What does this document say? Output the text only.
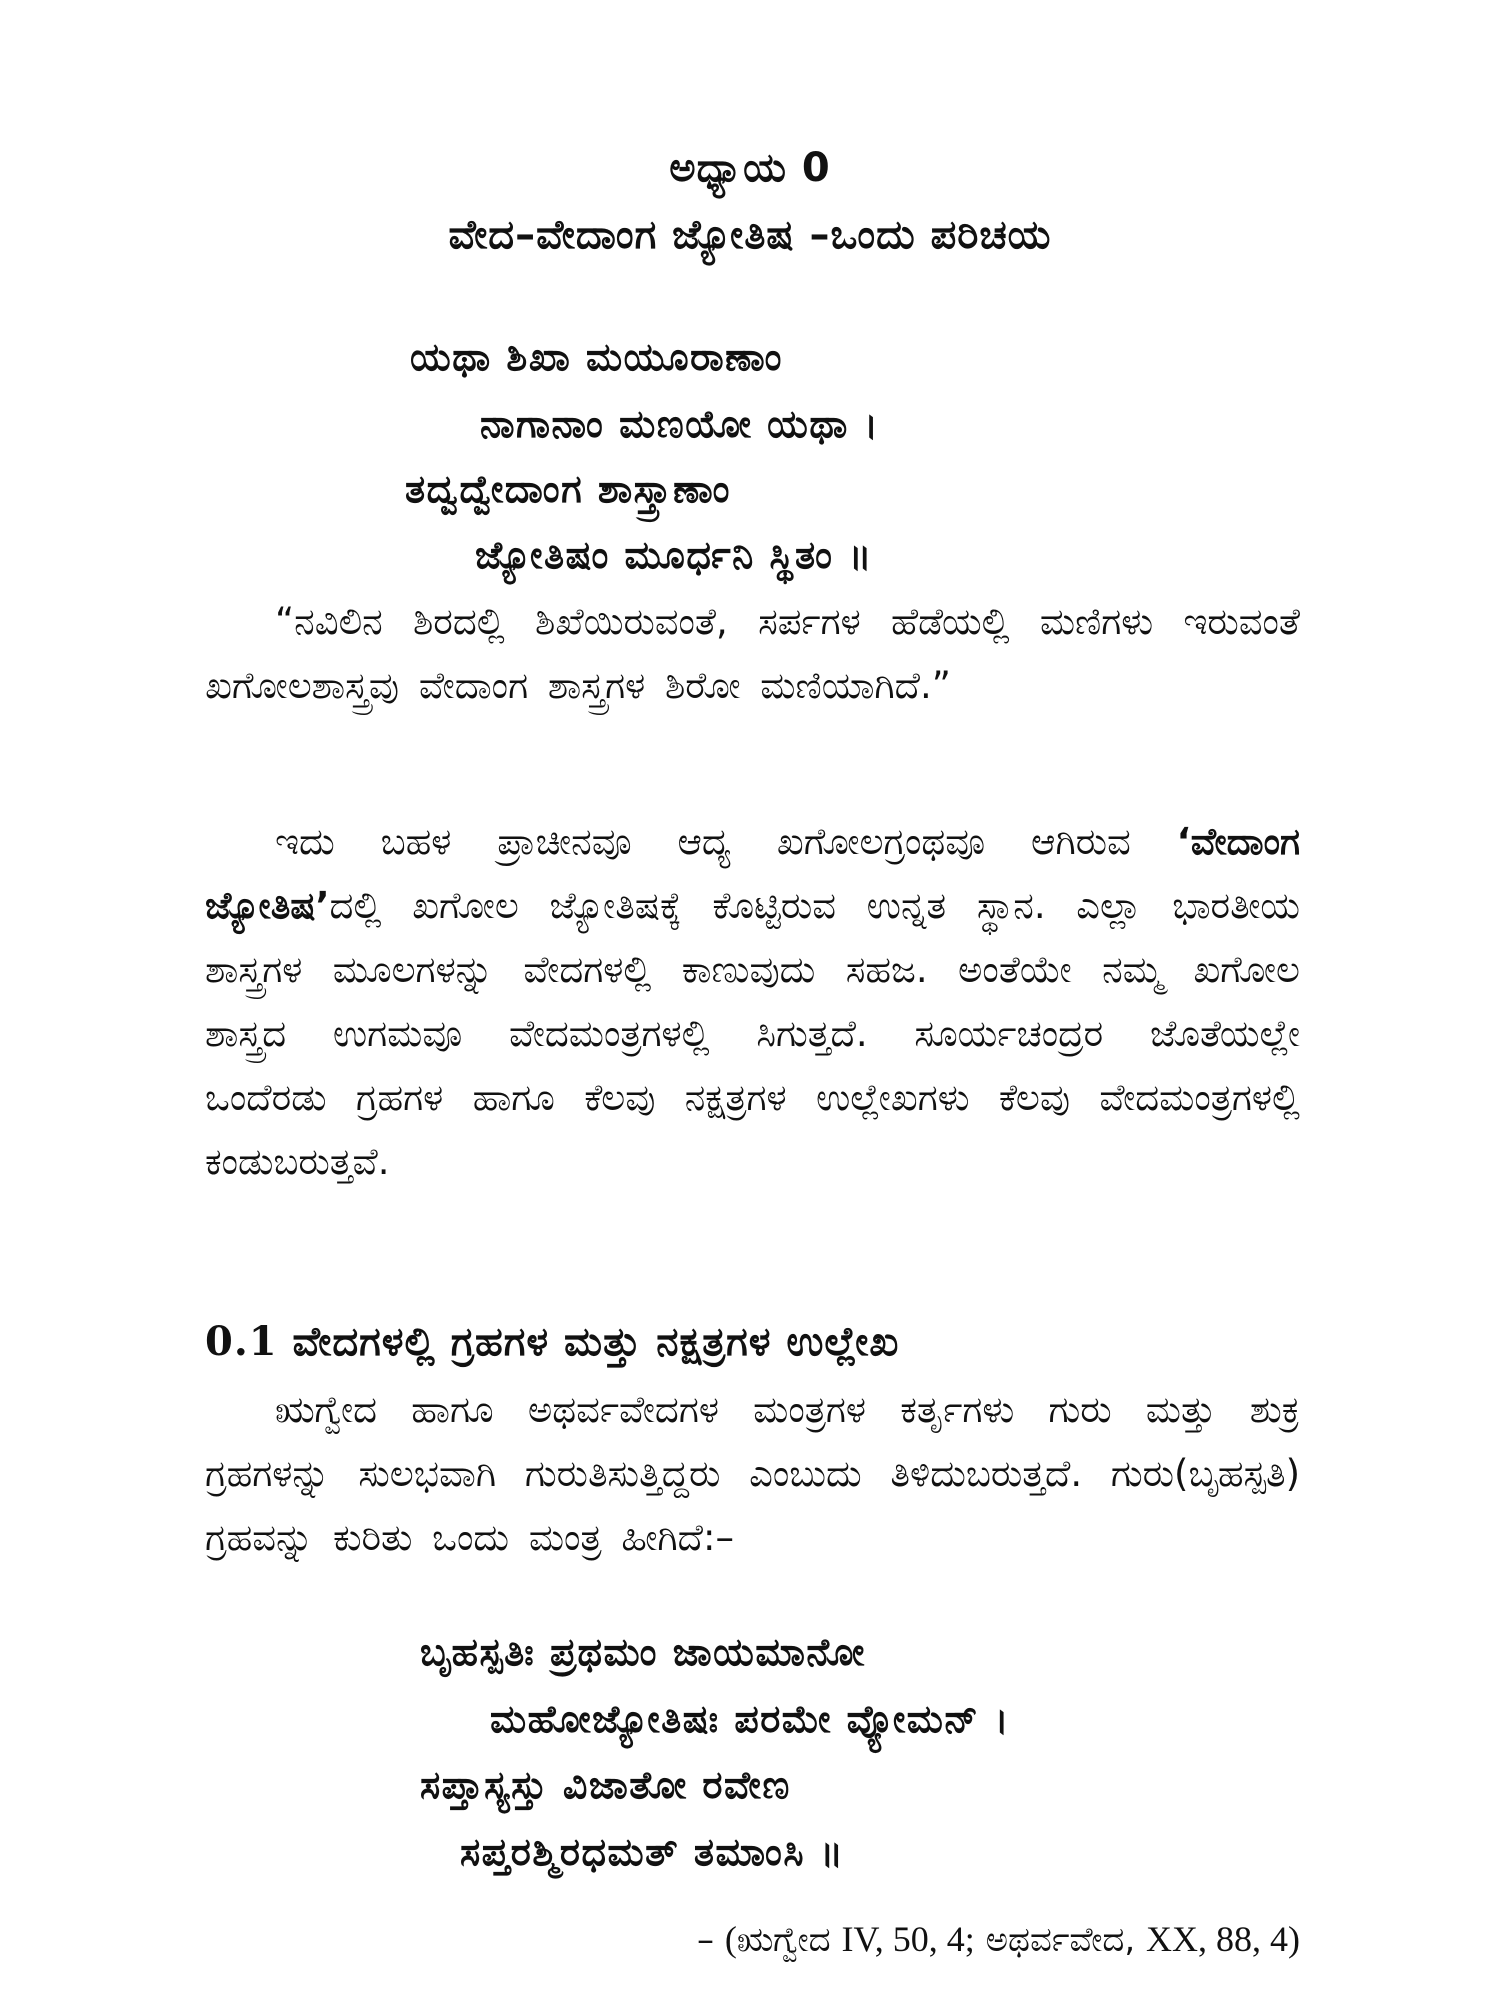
ಅಧ್ಯಾಯ 0
ವೇದ–ವೇದಾಂಗ ಜ್ಯೋತಿಷ –ಒಂದು ಪರಿಚಯ
ಯಥಾ ಶಿಖಾ ಮಯೂರಾಣಾಂ
ನಾಗಾನಾಂ ಮಣಯೋ ಯಥಾ ।
ತದ್ವದ್ವೇದಾಂಗ ಶಾಸ್ತ್ರಾಣಾಂ
ಜ್ಯೋತಿಷಂ ಮೂರ್ಧನಿ ಸ್ಥಿತಂ ॥
“ನವಿಲಿನ ಶಿರದಲ್ಲಿ ಶಿಖೆಯಿರುವಂತೆ, ಸರ್ಪಗಳ ಹೆಡೆಯಲ್ಲಿ ಮಣಿಗಳು ಇರುವಂತೆ ಖಗೋಲಶಾಸ್ತ್ರವು ವೇದಾಂಗ ಶಾಸ್ತ್ರಗಳ ಶಿರೋ ಮಣಿಯಾಗಿದೆ.”
ಇದು ಬಹಳ ಪ್ರಾಚೀನವೂ ಆದ್ಯ ಖಗೋಲಗ್ರಂಥವೂ ಆಗಿರುವ ‘ವೇದಾಂಗ ಜ್ಯೋತಿಷ’ದಲ್ಲಿ ಖಗೋಲ ಜ್ಯೋತಿಷಕ್ಕೆ ಕೊಟ್ಟಿರುವ ಉನ್ನತ ಸ್ಥಾನ. ಎಲ್ಲಾ ಭಾರತೀಯ ಶಾಸ್ತ್ರಗಳ ಮೂಲಗಳನ್ನು ವೇದಗಳಲ್ಲಿ ಕಾಣುವುದು ಸಹಜ. ಅಂತೆಯೇ ನಮ್ಮ ಖಗೋಲ ಶಾಸ್ತ್ರದ ಉಗಮವೂ ವೇದಮಂತ್ರಗಳಲ್ಲಿ ಸಿಗುತ್ತದೆ. ಸೂರ್ಯಚಂದ್ರರ ಜೊತೆಯಲ್ಲೇ ಒಂದೆರಡು ಗ್ರಹಗಳ ಹಾಗೂ ಕೆಲವು ನಕ್ಷತ್ರಗಳ ಉಲ್ಲೇಖಗಳು ಕೆಲವು ವೇದಮಂತ್ರಗಳಲ್ಲಿ ಕಂಡುಬರುತ್ತವೆ.
0.1 ವೇದಗಳಲ್ಲಿ ಗ್ರಹಗಳ ಮತ್ತು ನಕ್ಷತ್ರಗಳ ಉಲ್ಲೇಖ
ಋಗ್ವೇದ ಹಾಗೂ ಅಥರ್ವವೇದಗಳ ಮಂತ್ರಗಳ ಕರ್ತೃಗಳು ಗುರು ಮತ್ತು ಶುಕ್ರ ಗ್ರಹಗಳನ್ನು ಸುಲಭವಾಗಿ ಗುರುತಿಸುತ್ತಿದ್ದರು ಎಂಬುದು ತಿಳಿದುಬರುತ್ತದೆ. ಗುರು(ಬೃಹಸ್ಪತಿ) ಗ್ರಹವನ್ನು ಕುರಿತು ಒಂದು ಮಂತ್ರ ಹೀಗಿದೆ:–
ಬೃಹಸ್ಪತಿಃ ಪ್ರಥಮಂ ಜಾಯಮಾನೋ
ಮಹೋಜ್ಯೋತಿಷಃ ಪರಮೇ ವ್ಯೋಮನ್ ।
ಸಪ್ತಾಸ್ಯಸ್ತು ವಿಜಾತೋ ರವೇಣ
ಸಪ್ತರಶ್ಮಿರಧಮತ್ ತಮಾಂಸಿ ॥
– (ಋಗ್ವೇದ IV, 50, 4; ಅಥರ್ವವೇದ, XX, 88, 4)
